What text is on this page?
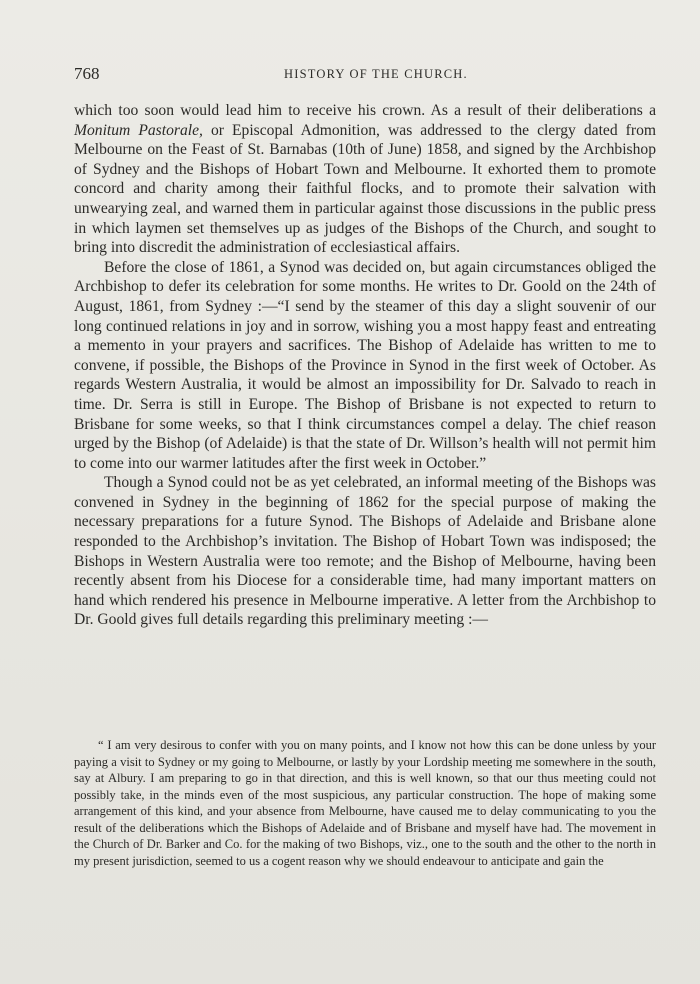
768	HISTORY OF THE CHURCH.

which too soon would lead him to receive his crown. As a result of their deliberations a Monitum Pastorale, or Episcopal Admonition, was addressed to the clergy dated from Melbourne on the Feast of St. Barnabas (10th of June) 1858, and signed by the Archbishop of Sydney and the Bishops of Hobart Town and Melbourne. It exhorted them to promote concord and charity among their faithful flocks, and to promote their salvation with unwearying zeal, and warned them in particular against those discussions in the public press in which laymen set themselves up as judges of the Bishops of the Church, and sought to bring into discredit the administration of ecclesiastical affairs.

Before the close of 1861, a Synod was decided on, but again circumstances obliged the Archbishop to defer its celebration for some months. He writes to Dr. Goold on the 24th of August, 1861, from Sydney :—“I send by the steamer of this day a slight souvenir of our long continued relations in joy and in sorrow, wishing you a most happy feast and entreating a memento in your prayers and sacrifices. The Bishop of Adelaide has written to me to convene, if possible, the Bishops of the Province in Synod in the first week of October. As regards Western Australia, it would be almost an impossibility for Dr. Salvado to reach in time. Dr. Serra is still in Europe. The Bishop of Brisbane is not expected to return to Brisbane for some weeks, so that I think circumstances compel a delay. The chief reason urged by the Bishop (of Adelaide) is that the state of Dr. Willson’s health will not permit him to come into our warmer latitudes after the first week in October.”

Though a Synod could not be as yet celebrated, an informal meeting of the Bishops was convened in Sydney in the beginning of 1862 for the special purpose of making the necessary preparations for a future Synod. The Bishops of Adelaide and Brisbane alone responded to the Archbishop’s invitation. The Bishop of Hobart Town was indisposed; the Bishops in Western Australia were too remote; and the Bishop of Melbourne, having been recently absent from his Diocese for a considerable time, had many important matters on hand which rendered his presence in Melbourne imperative. A letter from the Archbishop to Dr. Goold gives full details regarding this preliminary meeting :—

“ I am very desirous to confer with you on many points, and I know not how this can be done unless by your paying a visit to Sydney or my going to Melbourne, or lastly by your Lordship meeting me somewhere in the south, say at Albury. I am preparing to go in that direction, and this is well known, so that our thus meeting could not possibly take, in the minds even of the most suspicious, any particular construction. The hope of making some arrangement of this kind, and your absence from Melbourne, have caused me to delay communicating to you the result of the deliberations which the Bishops of Adelaide and of Brisbane and myself have had. The movement in the Church of Dr. Barker and Co. for the making of two Bishops, viz., one to the south and the other to the north in my present jurisdiction, seemed to us a cogent reason why we should endeavour to anticipate and gain the
